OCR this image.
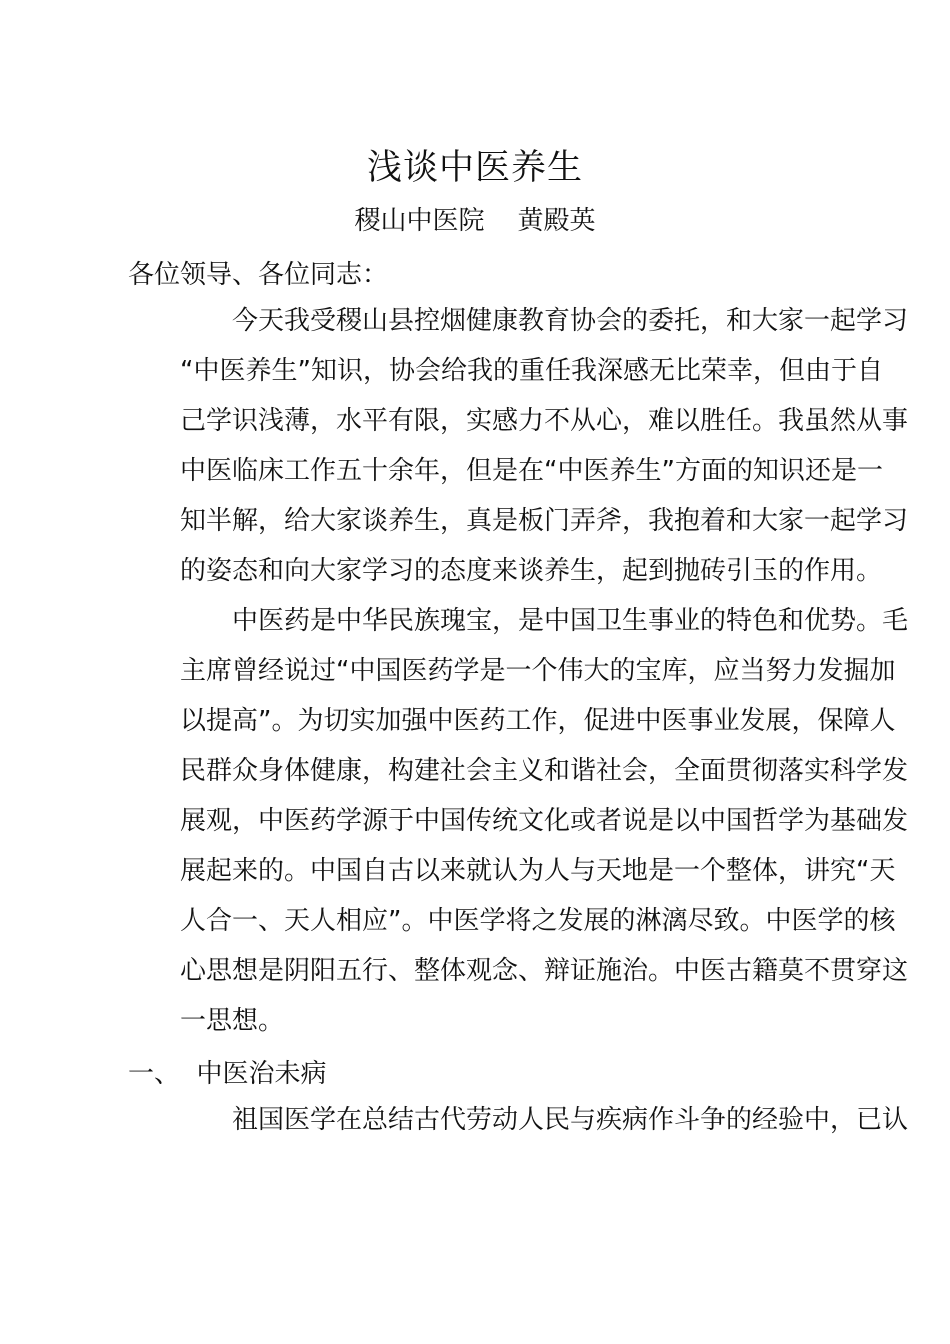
浅谈中医养生
稷山中医院    黄殿英
各位领导、各位同志：
今天我受稷山县控烟健康教育协会的委托，和大家一起学习
“中医养生”知识，协会给我的重任我深感无比荣幸，但由于自
己学识浅薄，水平有限，实感力不从心，难以胜任。我虽然从事
中医临床工作五十余年，但是在“中医养生”方面的知识还是一
知半解，给大家谈养生，真是板门弄斧，我抱着和大家一起学习
的姿态和向大家学习的态度来谈养生，起到抛砖引玉的作用。
中医药是中华民族瑰宝，是中国卫生事业的特色和优势。毛
主席曾经说过“中国医药学是一个伟大的宝库，应当努力发掘加
以提高”。为切实加强中医药工作，促进中医事业发展，保障人
民群众身体健康，构建社会主义和谐社会，全面贯彻落实科学发
展观，中医药学源于中国传统文化或者说是以中国哲学为基础发
展起来的。中国自古以来就认为人与天地是一个整体，讲究“天
人合一、天人相应”。中医学将之发展的淋漓尽致。中医学的核
心思想是阴阳五行、整体观念、辩证施治。中医古籍莫不贯穿这
一思想。
一、  中医治未病
祖国医学在总结古代劳动人民与疾病作斗争的经验中，已认
